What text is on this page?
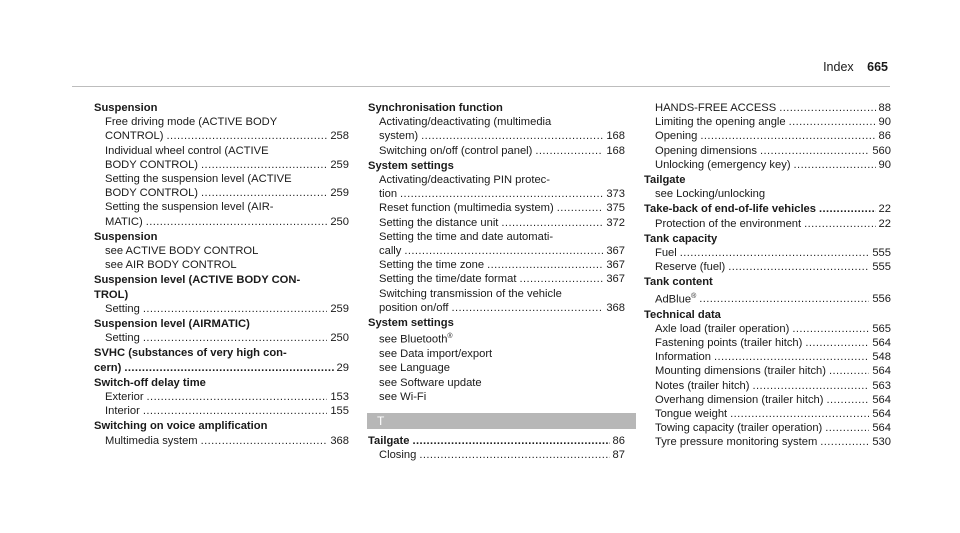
Index 665
Suspension
Free driving mode (ACTIVE BODY
CONTROL) .....	258
Individual wheel control (ACTIVE
BODY CONTROL) .....	259
Setting the suspension level (ACTIVE
BODY CONTROL) .....	259
Setting the suspension level (AIR-
MATIC) .....	250
Suspension
see ACTIVE BODY CONTROL
see AIR BODY CONTROL
Suspension level (ACTIVE BODY CON-
TROL)
Setting .....	259
Suspension level (AIRMATIC)
Setting .....	250
SVHC (substances of very high con-
cern) .....	29
Switch-off delay time
Exterior .....	153
Interior .....	155
Switching on voice amplification
Multimedia system .....	368
Synchronisation function
Activating/deactivating (multimedia
system) .....	168
Switching on/off (control panel) .....	168
System settings
Activating/deactivating PIN protec-
tion .....	373
Reset function (multimedia system) .....	375
Setting the distance unit .....	372
Setting the time and date automati-
cally .....	367
Setting the time zone .....	367
Setting the time/date format .....	367
Switching transmission of the vehicle
position on/off .....	368
System settings
see Bluetooth®
see Data import/export
see Language
see Software update
see Wi-Fi
T
Tailgate .....	86
Closing .....	87
HANDS-FREE ACCESS .....	88
Limiting the opening angle .....	90
Opening .....	86
Opening dimensions .....	560
Unlocking (emergency key) .....	90
Tailgate
see Locking/unlocking
Take-back of end-of-life vehicles .....	22
Protection of the environment .....	22
Tank capacity
Fuel .....	555
Reserve (fuel) .....	555
Tank content
AdBlue® .....	556
Technical data
Axle load (trailer operation) .....	565
Fastening points (trailer hitch) .....	564
Information .....	548
Mounting dimensions (trailer hitch) .....	564
Notes (trailer hitch) .....	563
Overhang dimension (trailer hitch) .....	564
Tongue weight .....	564
Towing capacity (trailer operation) .....	564
Tyre pressure monitoring system .....	530
